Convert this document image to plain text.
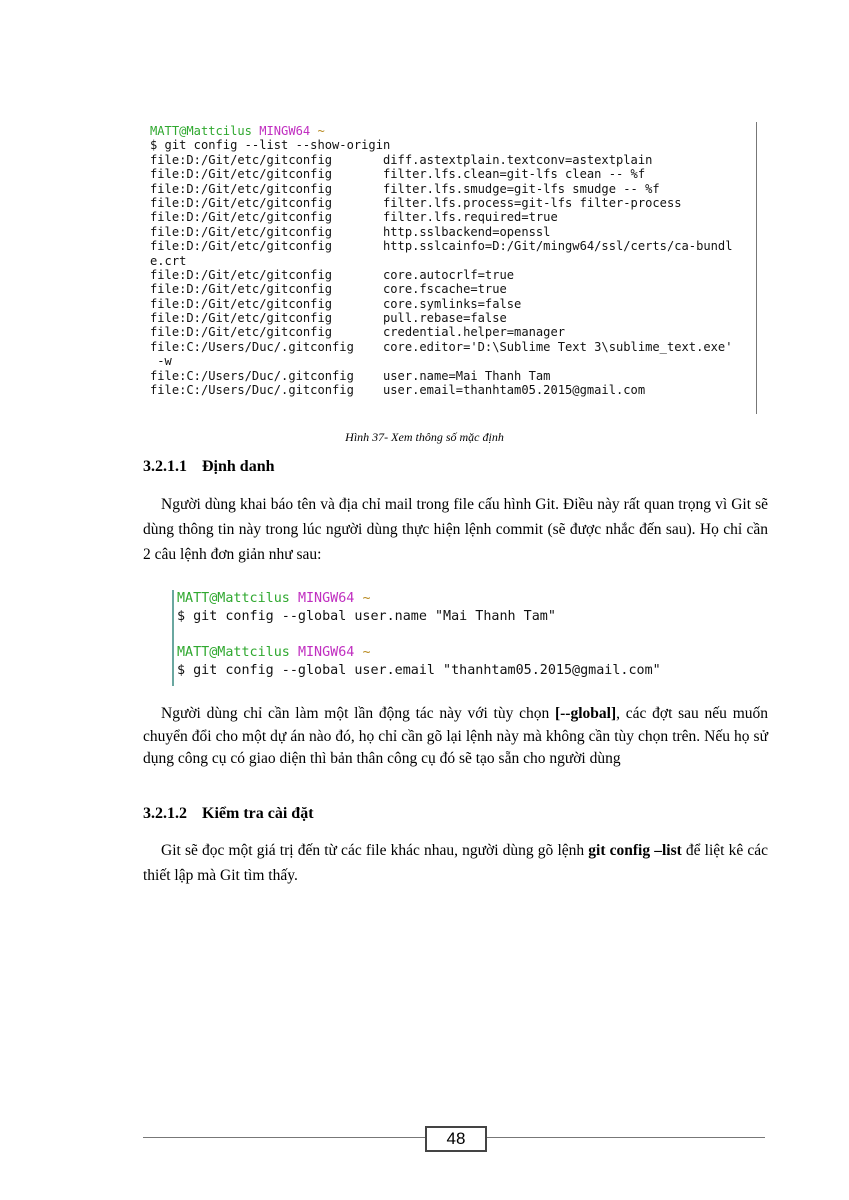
MATT@Mattcilus MINGW64 ~
$ git config --list --show-origin
file:D:/Git/etc/gitconfig       diff.astextplain.textconv=astextplain
file:D:/Git/etc/gitconfig       filter.lfs.clean=git-lfs clean -- %f
file:D:/Git/etc/gitconfig       filter.lfs.smudge=git-lfs smudge -- %f
file:D:/Git/etc/gitconfig       filter.lfs.process=git-lfs filter-process
file:D:/Git/etc/gitconfig       filter.lfs.required=true
file:D:/Git/etc/gitconfig       http.sslbackend=openssl
file:D:/Git/etc/gitconfig       http.sslcainfo=D:/Git/mingw64/ssl/certs/ca-bundl
e.crt
file:D:/Git/etc/gitconfig       core.autocrlf=true
file:D:/Git/etc/gitconfig       core.fscache=true
file:D:/Git/etc/gitconfig       core.symlinks=false
file:D:/Git/etc/gitconfig       pull.rebase=false
file:D:/Git/etc/gitconfig       credential.helper=manager
file:C:/Users/Duc/.gitconfig    core.editor='D:\Sublime Text 3\sublime_text.exe'
-w
file:C:/Users/Duc/.gitconfig    user.name=Mai Thanh Tam
file:C:/Users/Duc/.gitconfig    user.email=thanhtam05.2015@gmail.com
Hình 37- Xem thông số mặc định
3.2.1.1 Định danh

Người dùng khai báo tên và địa chỉ mail trong file cấu hình Git. Điều này rất quan trọng vì Git sẽ dùng thông tin này trong lúc người dùng thực hiện lệnh commit (sẽ được nhắc đến sau). Họ chỉ cần 2 câu lệnh đơn giản như sau:

MATT@Mattcilus MINGW64 ~
$ git config --global user.name "Mai Thanh Tam"
MATT@Mattcilus MINGW64 ~
$ git config --global user.email "thanhtam05.2015@gmail.com"

Người dùng chỉ cần làm một lần động tác này với tùy chọn [--global], các đợt sau nếu muốn chuyển đổi cho một dự án nào đó, họ chỉ cần gõ lại lệnh này mà không cần tùy chọn trên. Nếu họ sử dụng công cụ có giao diện thì bản thân công cụ đó sẽ tạo sẵn cho người dùng

3.2.1.2 Kiểm tra cài đặt

Git sẽ đọc một giá trị đến từ các file khác nhau, người dùng gõ lệnh git config –list để liệt kê các thiết lập mà Git tìm thấy.

48
